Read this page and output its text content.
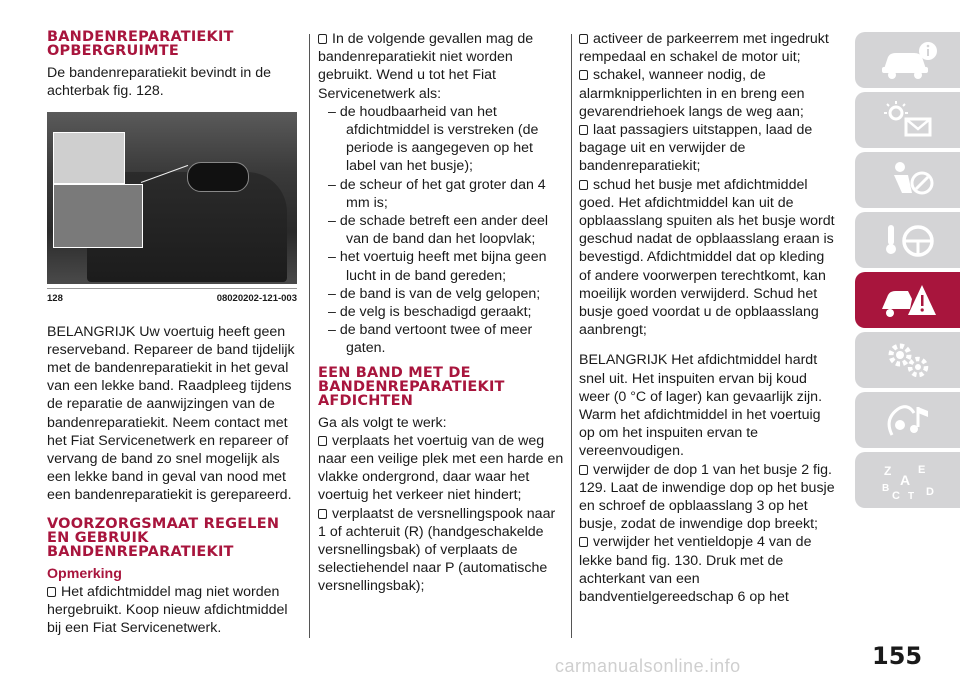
BANDENREPARATIEKIT OPBERGRUIMTE

De bandenreparatiekit bevindt in de achterbak fig. 128.

128	08020202-121-003

BELANGRIJK Uw voertuig heeft geen reserveband. Repareer de band tijdelijk met de bandenreparatiekit in het geval van een lekke band. Raadpleeg tijdens de reparatie de aanwijzingen van de bandenreparatiekit. Neem contact met het Fiat Servicenetwerk en repareer of vervang de band zo snel mogelijk als een lekke band in geval van nood met een bandenreparatiekit is gerepareerd.

VOORZORGSMAAT REGELEN EN GEBRUIK BANDENREPARATIEKIT
Opmerking
Het afdichtmiddel mag niet worden hergebruikt. Koop nieuw afdichtmiddel bij een Fiat Servicenetwerk.
In de volgende gevallen mag de bandenreparatiekit niet worden gebruikt. Wend u tot het Fiat Servicenetwerk als:
– de houdbaarheid van het afdichtmiddel is verstreken (de periode is aangegeven op het label van het busje);
– de scheur of het gat groter dan 4 mm is;
– de schade betreft een ander deel van de band dan het loopvlak;
– het voertuig heeft met bijna geen lucht in de band gereden;
– de band is van de velg gelopen;
– de velg is beschadigd geraakt;
– de band vertoont twee of meer gaten.
EEN BAND MET DE BANDENREPARATIEKIT AFDICHTEN
Ga als volgt te werk:
verplaats het voertuig van de weg naar een veilige plek met een harde en vlakke ondergrond, daar waar het voertuig het verkeer niet hindert;
verplaatst de versnellingspook naar 1 of achteruit (R) (handgeschakelde versnellingsbak) of verplaats de selectiehendel naar P (automatische versnellingsbak);
activeer de parkeerrem met ingedrukt rempedaal en schakel de motor uit;
schakel, wanneer nodig, de alarmknipperlichten in en breng een gevarendriehoek langs de weg aan;
laat passagiers uitstappen, laad de bagage uit en verwijder de bandenreparatiekit;
schud het busje met afdichtmiddel goed. Het afdichtmiddel kan uit de opblaasslang spuiten als het busje wordt geschud nadat de opblaasslang eraan is bevestigd. Afdichtmiddel dat op kleding of andere voorwerpen terechtkomt, kan moeilijk worden verwijderd. Schud het busje goed voordat u de opblaasslang aanbrengt;

BELANGRIJK Het afdichtmiddel hardt snel uit. Het inspuiten ervan bij koud weer (0 °C of lager) kan gevaarlijk zijn. Warm het afdichtmiddel in het voertuig op om het inspuiten ervan te vereenvoudigen.

verwijder de dop 1 van het busje 2 fig. 129. Laat de inwendige dop op het busje en schroef de opblaasslang 3 op het busje, zodat de inwendige dop breekt;
verwijder het ventieldopje 4 van de lekke band fig. 130. Druk met de achterkant van een bandventielgereedschap 6 op het
Z E
A
B
C T D
carmanualsonline.info	155
